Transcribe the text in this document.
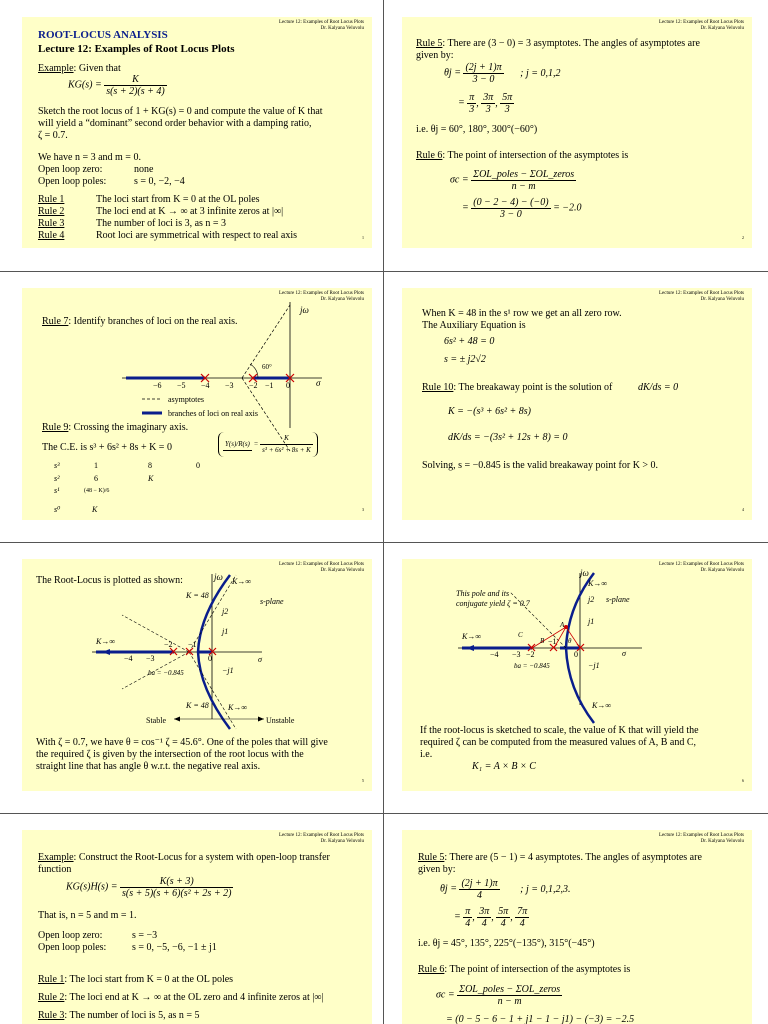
Lecture 12: Examples of Root Locus Plots
Dr. Kalyana Veluvolu
ROOT-LOCUS ANALYSIS
Lecture 12: Examples of Root Locus Plots
Example: Given that
$KG(s) = \frac{K}{s(s + 2)(s + 4)}$
Sketch the root locus of 1 + KG(s) = 0 and compute the value of K that
will yield a “dominant” second order behavior with a damping ratio,
ζ = 0.7.
We have n = 3 and m = 0.
Open loop zero:	none
Open loop poles:	s = 0, −2, −4
Rule 1	The loci start from K = 0 at the OL poles
Rule 2	The loci end at K → ∞ at 3 infinite zeros at |∞|
Rule 3	The number of loci is 3, as n = 3
Rule 4	Root loci are symmetrical with respect to real axis	1
Lecture 12: Examples of Root Locus Plots
Dr. Kalyana Veluvolu
Rule 5: There are (3 − 0) = 3 asymptotes. The angles of asymptotes are
given by:
$\theta j = \frac{(2j + 1)\pi}{3 - 0}$ ; j = 0,1,2
= $\frac{\pi}{3}$ , $\frac{3\pi}{3}$ , $\frac{5\pi}{3}$
i.e. θj = 60°, 180°, 300°(−60°)
Rule 6: The point of intersection of the asymptotes is
$\sigma c = \frac{\text{ΣOL\_poles − ΣOL\_zeros}}{n - m}$
= $\frac{(0 - 2 - 4) - (-0)}{3 - 0} = -2.0$
2
Lecture 12: Examples of Root Locus Plots
Dr. Kalyana Veluvolu
Rule 7: Identify branches of loci on the real axis.
jω
σ
60°
−6 −5 −4 −3 −2 −1 0
asymptotes
branches of loci on real axis
Rule 9: Crossing the imaginary axis.
The C.E. is s³ + 6s² + 8s + K = 0	$Y(s)/R(s) = \frac{K}{\text{s³ + 6s² + 8s + K}}$
s³	1	8	0
s²	6	K
s¹	(48 − K)/6
s⁰	K	3
Lecture 12: Examples of Root Locus Plots
Dr. Kalyana Veluvolu
When K = 48 in the s¹ row we get an all zero row.
The Auxiliary Equation is
6s² + 48 = 0
s = ± j2√2
Rule 10: The breakaway point is the solution of	dK/ds = 0
K = −(s³ + 6s² + 8s)
dK/ds = −(3s² + 12s + 8) = 0
Solving, s = −0.845 is the valid breakaway point for K > 0.
4
Lecture 12: Examples of Root Locus Plots
Dr. Kalyana Veluvolu
The Root-Locus is plotted as shown:	jω K→∞
K = 48
s-plane
j2
j1
−j1
K→∞
σ
−4 −3
−2 −1
0
ba = −0.845
K = 48 K→∞
Stable	Unstable
With ζ = 0.7, we have θ = cos⁻¹ ζ = 45.6°. One of the poles that will give
the required ζ is given by the intersection of the root locus with the
straight line that has angle θ w.r.t. the negative real axis.
5
Lecture 12: Examples of Root Locus Plots
Dr. Kalyana Veluvolu
jω
K→∞
This pole and its
conjugate yield ζ = 0.7	j2 s-plane
j1
A
B
C
θ
K→∞
σ
−4 −3 −2
−1
0
−j1
ba = −0.845
K→∞
If the root-locus is sketched to scale, the value of K that will yield the
required ζ can be computed from the measured values of A, B and C,
i.e.
K₁ = A × B × C
6
Lecture 12: Examples of Root Locus Plots
Dr. Kalyana Veluvolu
Example: Construct the Root-Locus for a system with open-loop transfer
function
$KG(s)H(s) = \frac{K(s + 3)}{\text{s(s + 5)(s + 6)(s² + 2s + 2)}}$
That is, n = 5 and m = 1.
Open loop zero:	s = −3
Open loop poles:	s = 0, −5, −6, −1 ± j1
Rule 1: The loci start from K = 0 at the OL poles
Rule 2: The loci end at K → ∞ at the OL zero and 4 infinite zeros at |∞|
Rule 3: The number of loci is 5, as n = 5
Lecture 12: Examples of Root Locus Plots
Dr. Kalyana Veluvolu
Rule 5: There are (5 − 1) = 4 asymptotes. The angles of asymptotes are
given by:
$\theta j = \frac{(2j + 1)\pi}{4}$ ; j = 0,1,2,3.
= $\frac{\pi}{4}$ , $\frac{3\pi}{4}$ , $\frac{5\pi}{4}$ , $\frac{7\pi}{4}$
i.e. θj = 45°, 135°, 225°(−135°), 315°(−45°)
Rule 6: The point of intersection of the asymptotes is
$\sigma c = \frac{\text{ΣOL\_poles − ΣOL\_zeros}}{n - m}$
= (0 − 5 − 6 − 1 + j1 − 1 − j1) − (−3) = −2.5
